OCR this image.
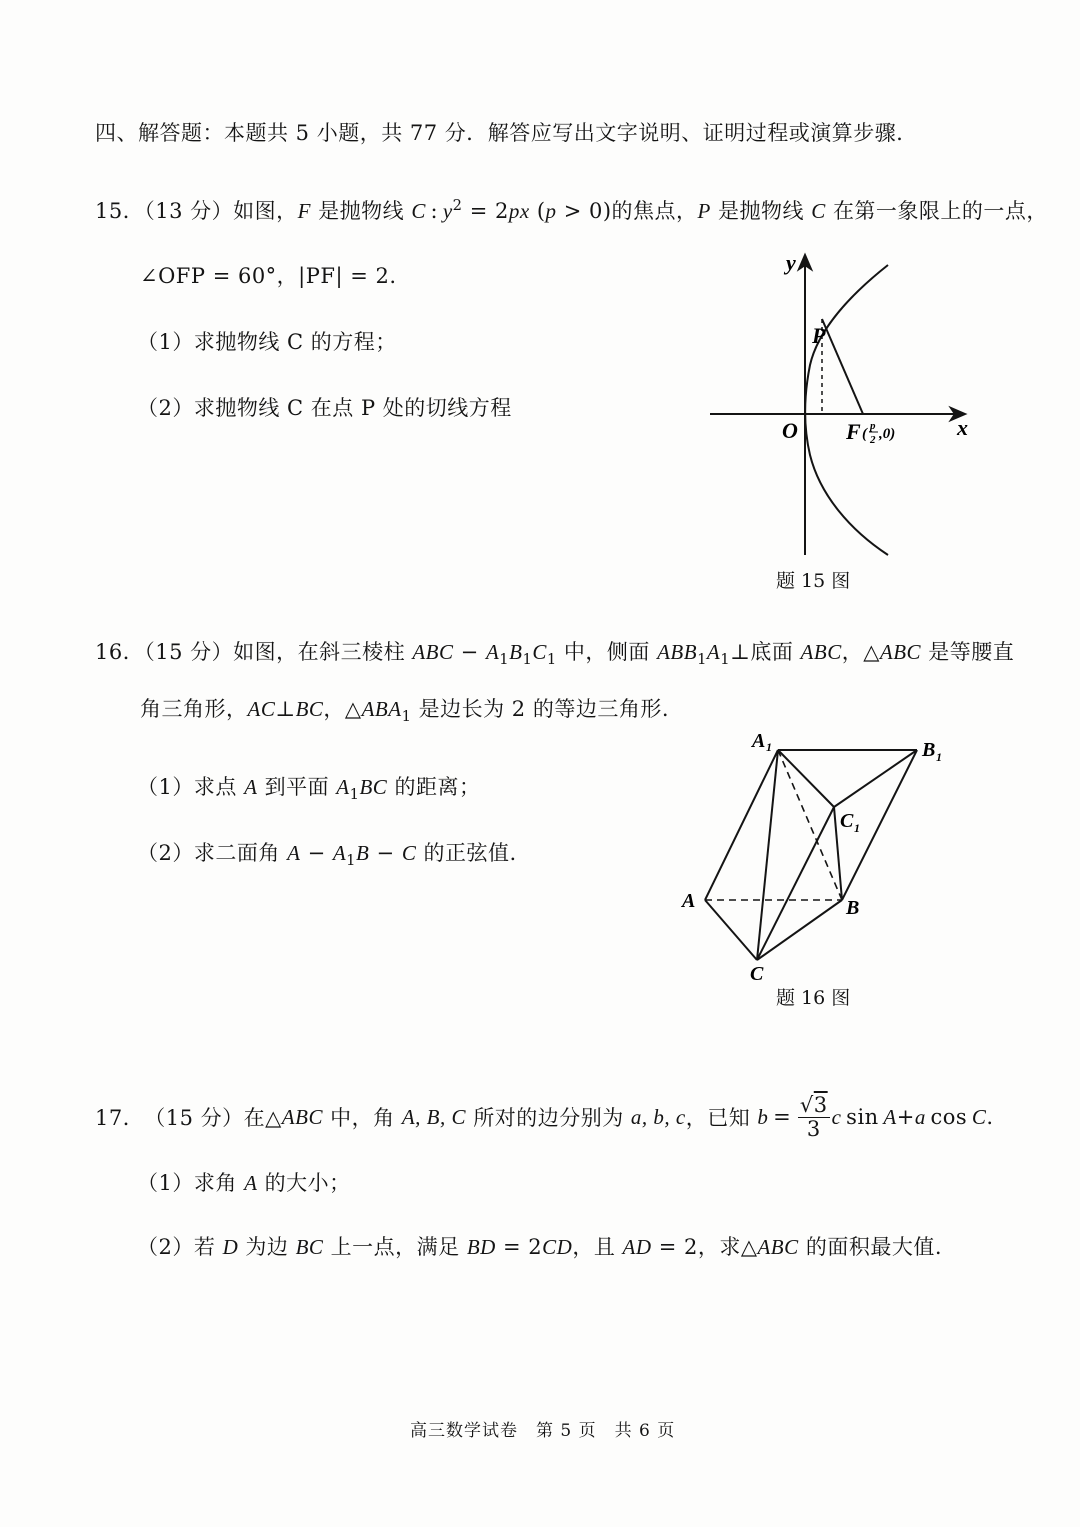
四、解答题：本题共 5 小题，共 77 分．解答应写出文字说明、证明过程或演算步骤．
15．（13 分）如图，F 是抛物线 C : $y^2 = 2px$ (p > 0)的焦点，P 是抛物线 C 在第一象限上的一点，
∠OFP = 60°，|PF| = 2.
（1）求抛物线 C 的方程；
（2）求抛物线 C 在点 P 处的切线方程
y
x
O
P
F ( p
2 ,0)
题 15 图
16．（15 分）如图，在斜三棱柱 ABC − $A_1B_1C_1$ 中，侧面 $ABB_1A_1\perp$底面 ABC，△ABC 是等腰直
角三角形，AC⊥BC，$\triangle ABA_1$ 是边长为 2 的等边三角形.
（1）求点 A 到平面 $A_1BC$ 的距离；
（2）求二面角 $A - A_1B - C$ 的正弦值.
A 1	B 1
C 1
A	B
C
题 16 图
17． （15 分） 在△ ABC
中，角
A, B, C
所对的边分别为
a, b, c ，已知
$b = \frac{√3}{3}$ c  sin  A + a  cos  C .
（1）求角 A 的大小；
（2）若 D 为边 BC 上一点，满足 BD = 2CD，且 AD = 2，求△ABC 的面积最大值.
高三数学试卷　第 5 页　共 6 页
